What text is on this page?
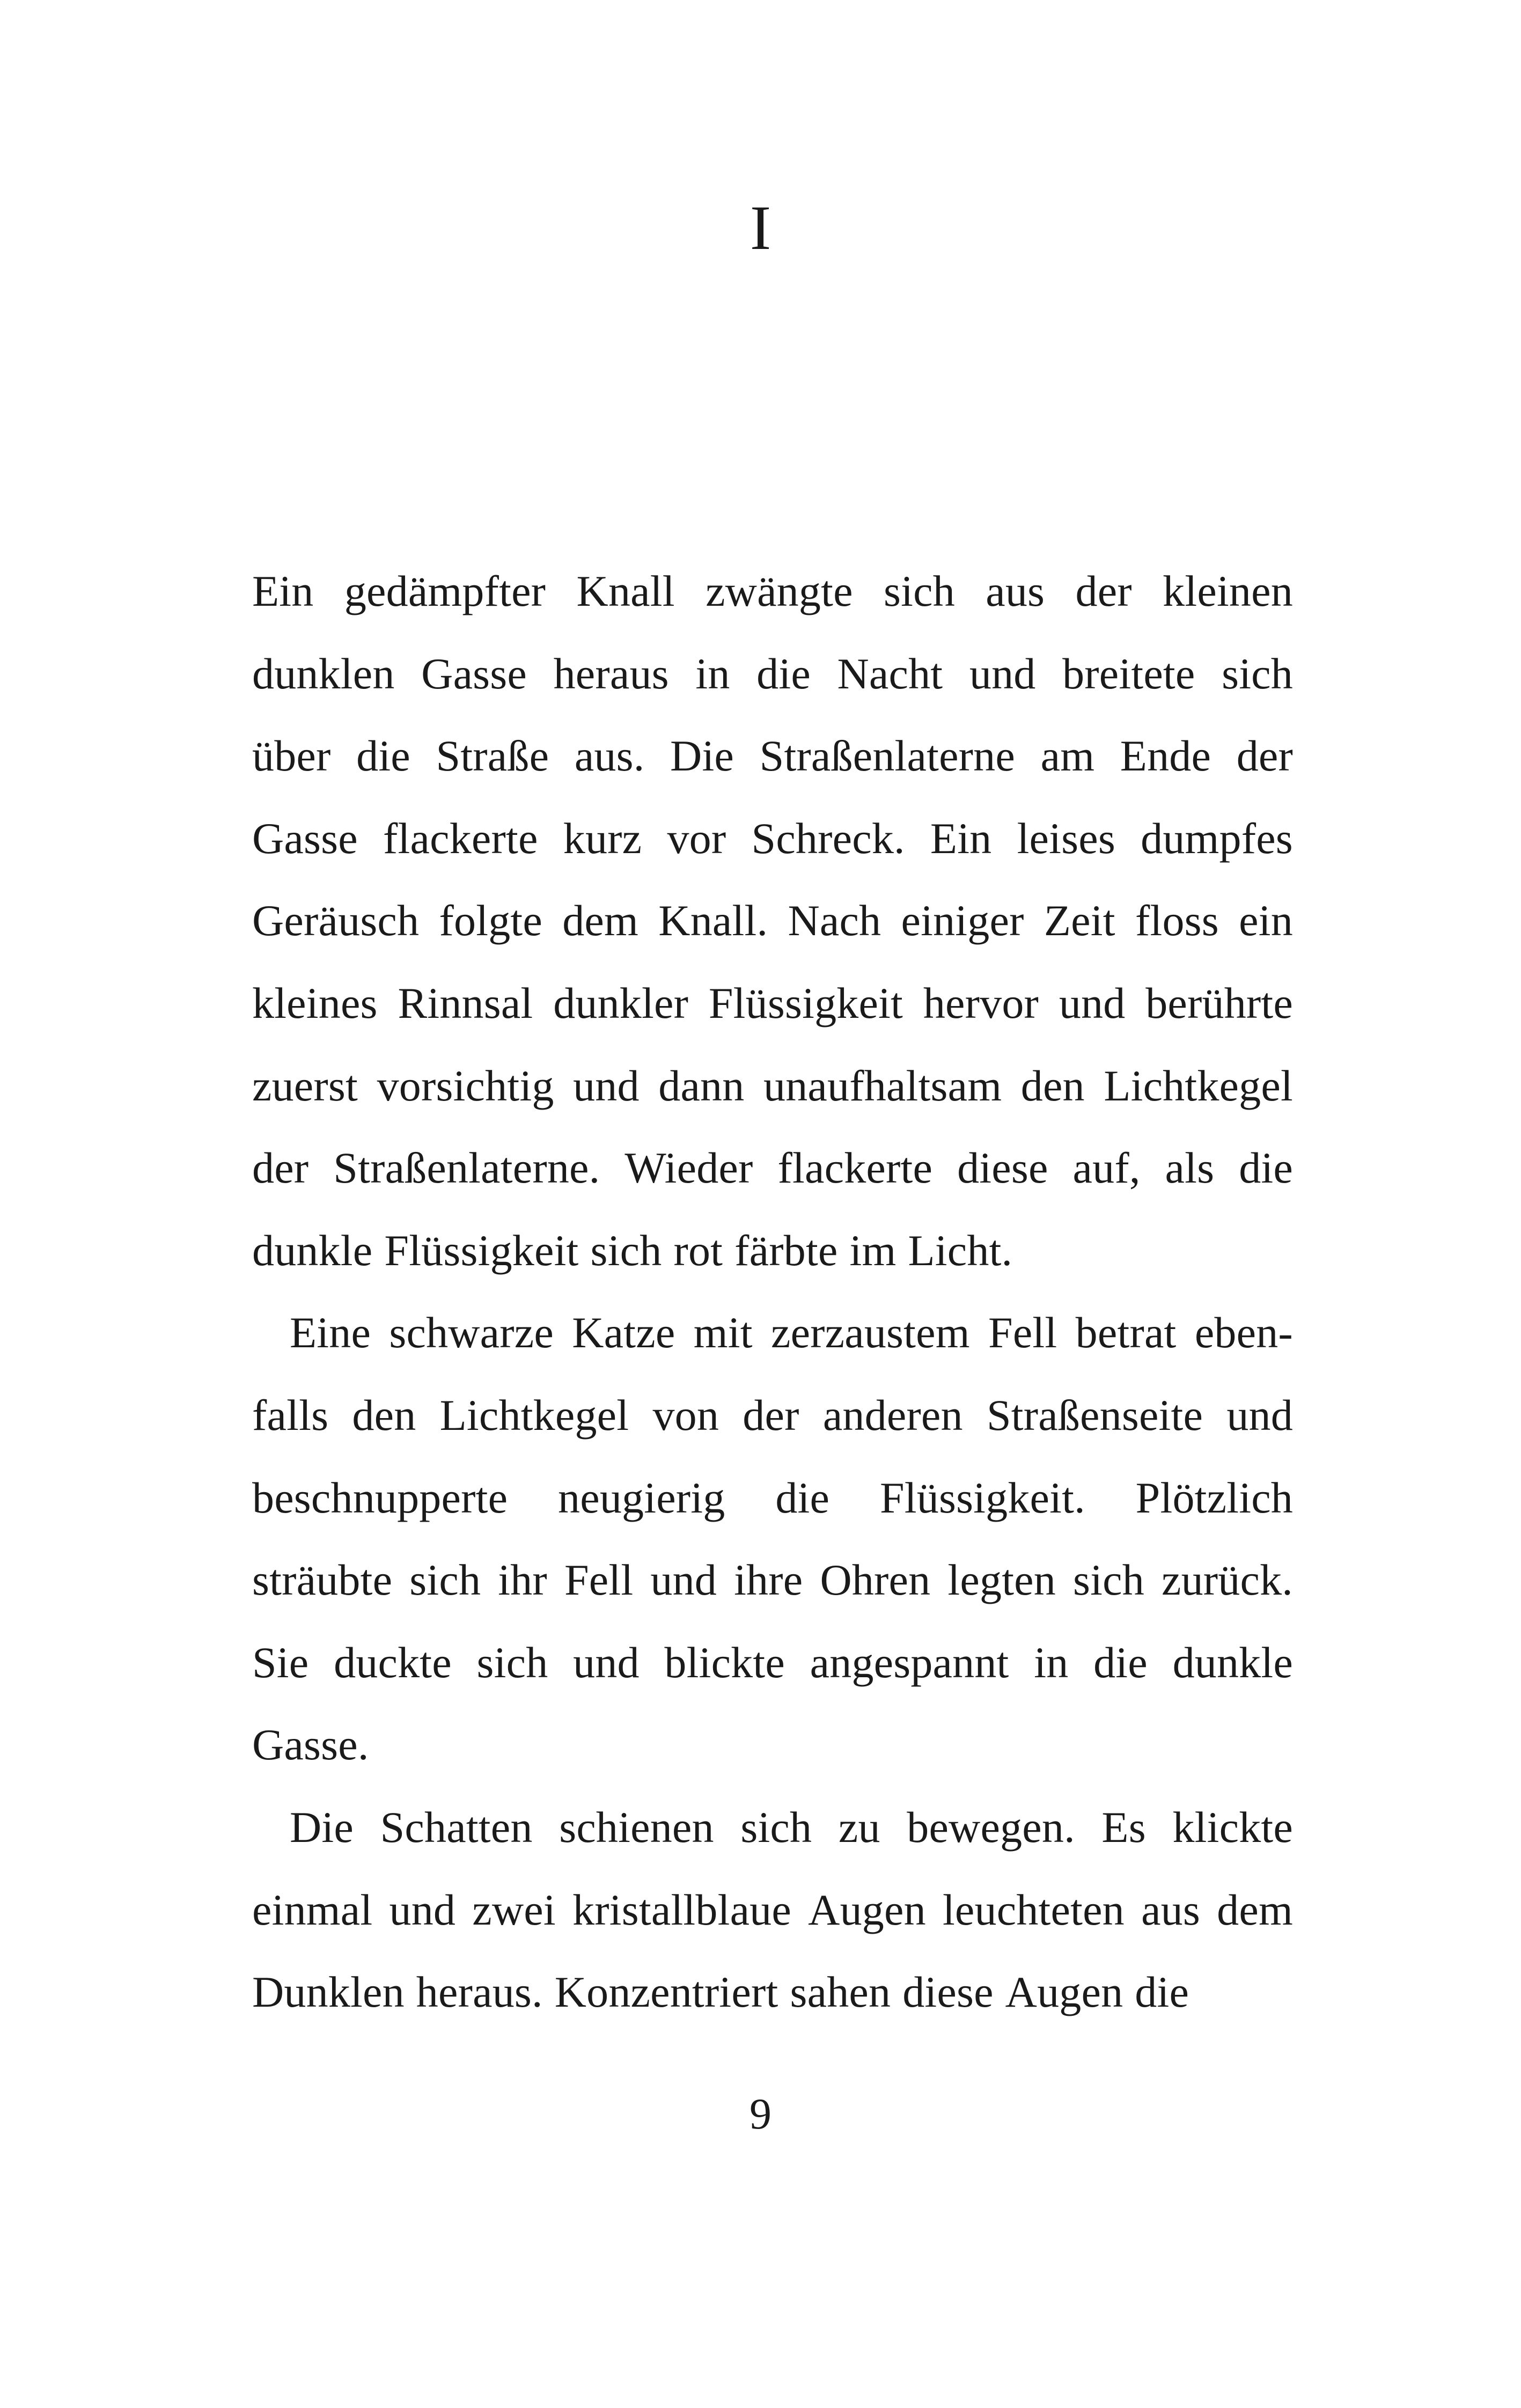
I
Ein gedämpfter Knall zwängte sich aus der kleinen
dunklen Gasse heraus in die Nacht und breitete sich
über die Straße aus. Die Straßenlaterne am Ende der
Gasse flackerte kurz vor Schreck. Ein leises dumpfes
Geräusch folgte dem Knall. Nach einiger Zeit floss ein
kleines Rinnsal dunkler Flüssigkeit hervor und berührte
zuerst vorsichtig und dann unaufhaltsam den Lichtkegel
der Straßenlaterne. Wieder flackerte diese auf, als die
dunkle Flüssigkeit sich rot färbte im Licht.
Eine schwarze Katze mit zerzaustem Fell betrat eben-
falls den Lichtkegel von der anderen Straßenseite und
beschnupperte neugierig die Flüssigkeit. Plötzlich
sträubte sich ihr Fell und ihre Ohren legten sich zurück.
Sie duckte sich und blickte angespannt in die dunkle
Gasse.
Die Schatten schienen sich zu bewegen. Es klickte
einmal und zwei kristallblaue Augen leuchteten aus dem
Dunklen heraus. Konzentriert sahen diese Augen die
9
